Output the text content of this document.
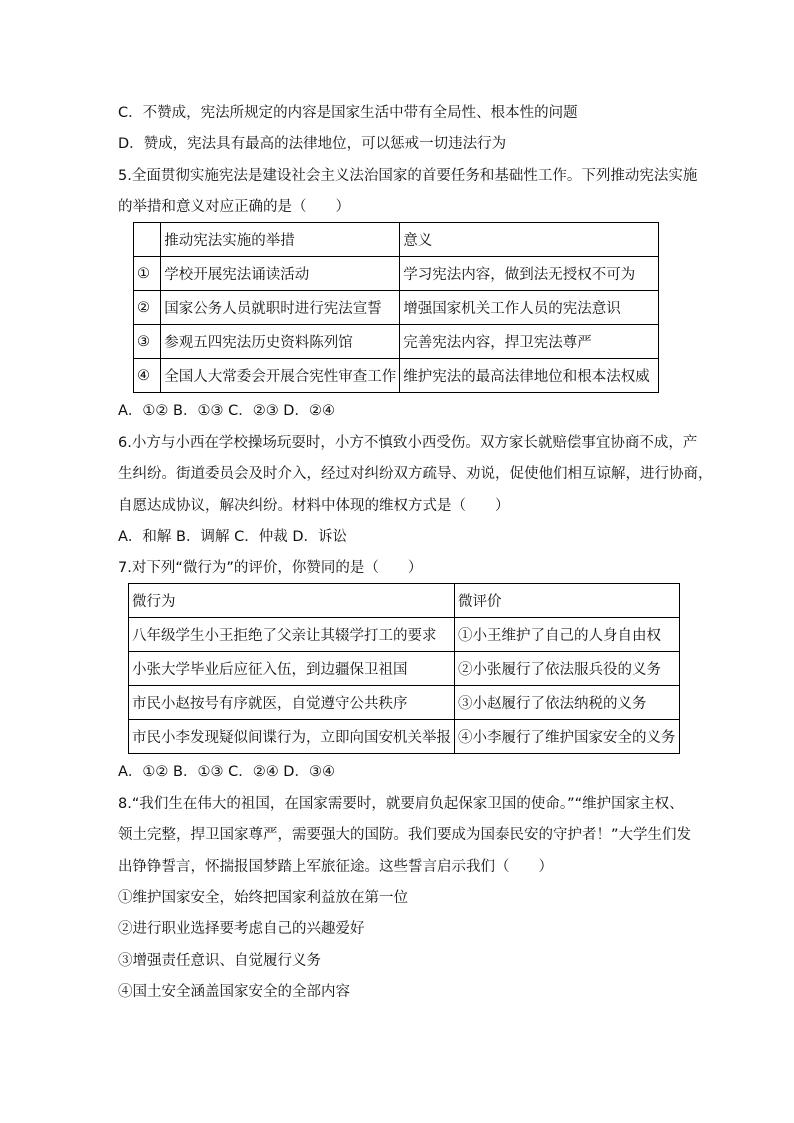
C．不赞成，宪法所规定的内容是国家生活中带有全局性、根本性的问题
D．赞成，宪法具有最高的法律地位，可以惩戒一切违法行为
5.全面贯彻实施宪法是建设社会主义法治国家的首要任务和基础性工作。下列推动宪法实施
的举措和意义对应正确的是（　　）
	推动宪法实施的举措	意义
①	学校开展宪法诵读活动	学习宪法内容，做到法无授权不可为
②	国家公务人员就职时进行宪法宣誓	增强国家机关工作人员的宪法意识
③	参观五四宪法历史资料陈列馆	完善宪法内容，捍卫宪法尊严
④	全国人大常委会开展合宪性审查工作	维护宪法的最高法律地位和根本法权威
A．①② B．①③ C．②③ D．②④
6.小方与小西在学校操场玩耍时，小方不慎致小西受伤。双方家长就赔偿事宜协商不成，产
生纠纷。街道委员会及时介入，经过对纠纷双方疏导、劝说，促使他们相互谅解，进行协商，
自愿达成协议，解决纠纷。材料中体现的维权方式是（　　）
A．和解 B．调解 C．仲裁 D．诉讼
7.对下列“微行为”的评价，你赞同的是（　　）
微行为	微评价
八年级学生小王拒绝了父亲让其辍学打工的要求	①小王维护了自己的人身自由权
小张大学毕业后应征入伍，到边疆保卫祖国	②小张履行了依法服兵役的义务
市民小赵按号有序就医，自觉遵守公共秩序	③小赵履行了依法纳税的义务
市民小李发现疑似间谍行为，立即向国安机关举报	④小李履行了维护国家安全的义务
A．①② B．①③ C．②④ D．③④
8.“我们生在伟大的祖国，在国家需要时，就要肩负起保家卫国的使命。”“维护国家主权、
领土完整，捍卫国家尊严，需要强大的国防。我们要成为国泰民安的守护者！”大学生们发
出铮铮誓言，怀揣报国梦踏上军旅征途。这些誓言启示我们（　　）
①维护国家安全，始终把国家利益放在第一位
②进行职业选择要考虑自己的兴趣爱好
③增强责任意识、自觉履行义务
④国土安全涵盖国家安全的全部内容
